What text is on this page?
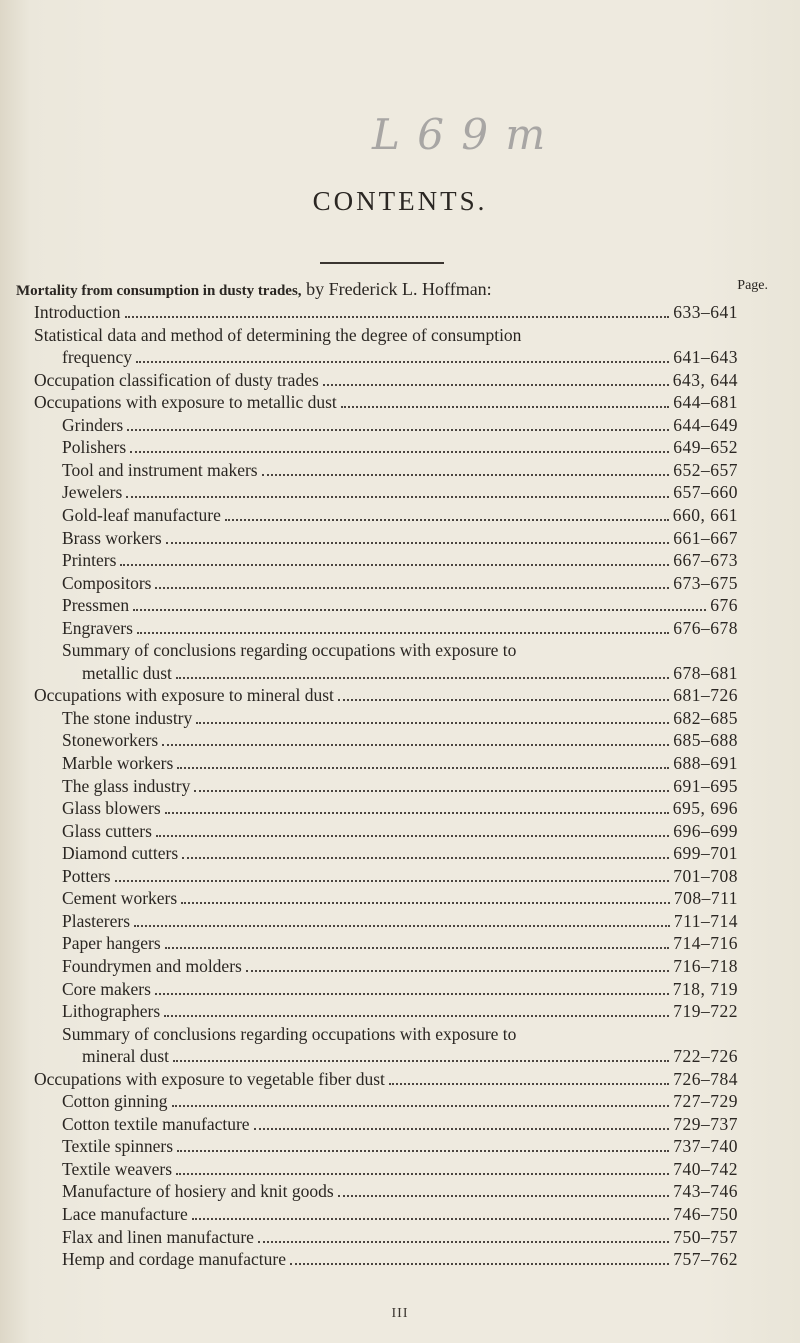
L 6 9 m
CONTENTS.
Mortality from consumption in dusty trades, by Frederick L. Hoffman:	Page.
Introduction	633–641
Statistical data and method of determining the degree of consumption
frequency	641–643
Occupation classification of dusty trades	643, 644
Occupations with exposure to metallic dust	644–681
Grinders	644–649
Polishers	649–652
Tool and instrument makers	652–657
Jewelers	657–660
Gold-leaf manufacture	660, 661
Brass workers	661–667
Printers	667–673
Compositors	673–675
Pressmen	676
Engravers	676–678
Summary of conclusions regarding occupations with exposure to
metallic dust	678–681
Occupations with exposure to mineral dust	681–726
The stone industry	682–685
Stoneworkers	685–688
Marble workers	688–691
The glass industry	691–695
Glass blowers	695, 696
Glass cutters	696–699
Diamond cutters	699–701
Potters	701–708
Cement workers	708–711
Plasterers	711–714
Paper hangers	714–716
Foundrymen and molders	716–718
Core makers	718, 719
Lithographers	719–722
Summary of conclusions regarding occupations with exposure to
mineral dust	722–726
Occupations with exposure to vegetable fiber dust	726–784
Cotton ginning	727–729
Cotton textile manufacture	729–737
Textile spinners	737–740
Textile weavers	740–742
Manufacture of hosiery and knit goods	743–746
Lace manufacture	746–750
Flax and linen manufacture	750–757
Hemp and cordage manufacture	757–762
III
